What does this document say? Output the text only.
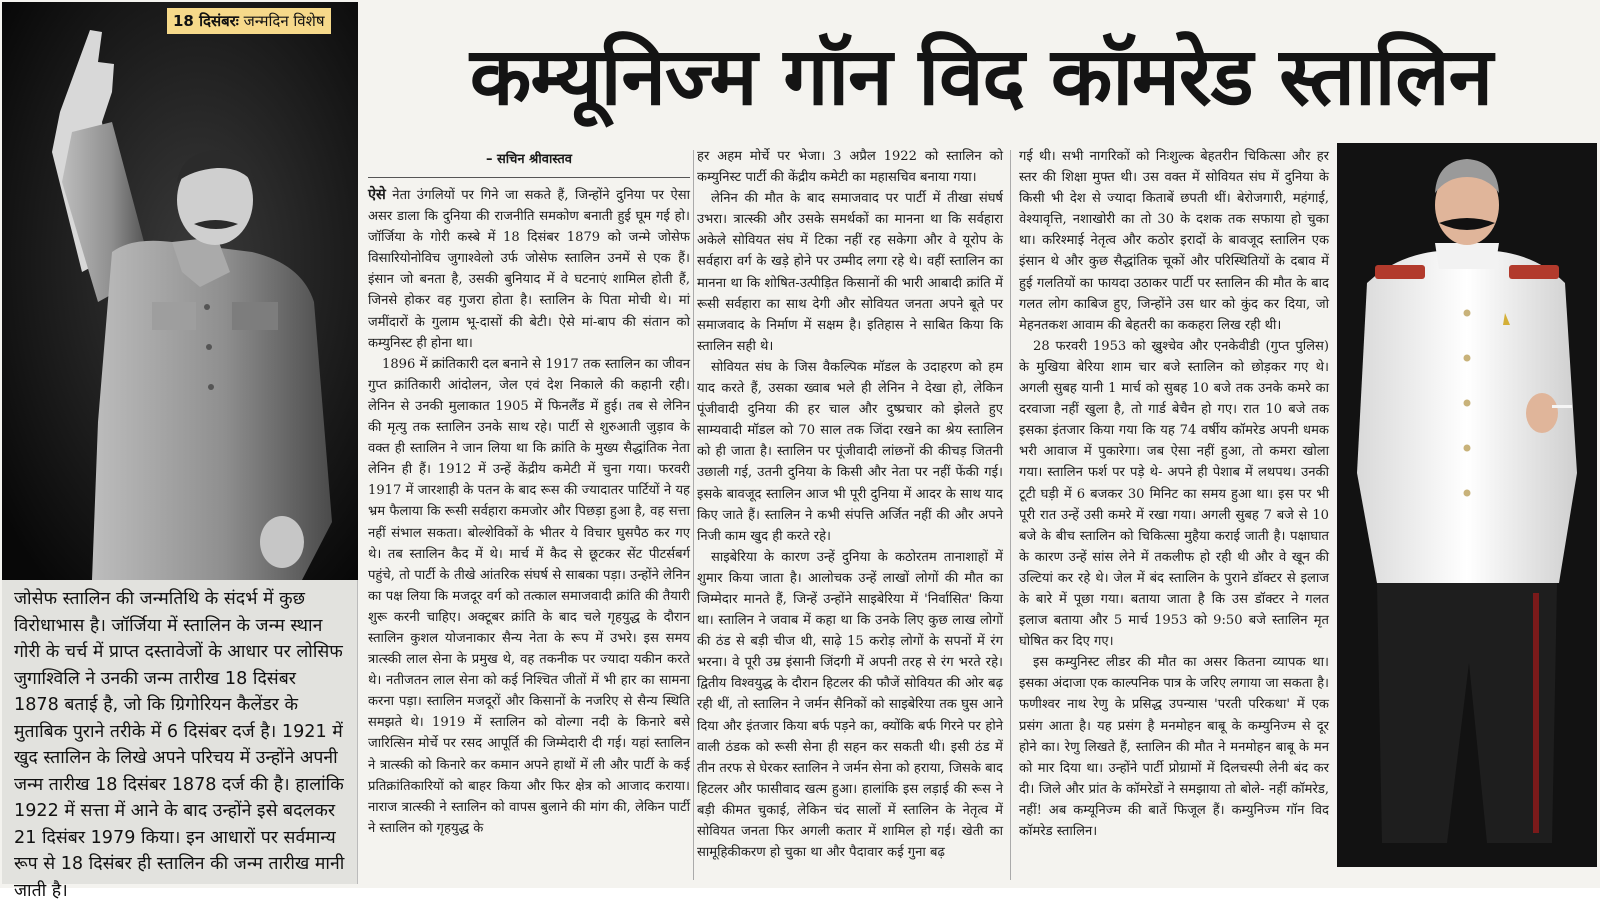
18 दिसंबरः जन्मदिन विशेष
जोसेफ स्तालिन की जन्मतिथि के संदर्भ में कुछ विरोधाभास है। जॉर्जिया में स्तालिन के जन्म स्थान गोरी के चर्च में प्राप्त दस्तावेजों के आधार पर लोसिफ जुगाश्विलि ने उनकी जन्म तारीख 18 दिसंबर 1878 बताई है, जो कि ग्रिगोरियन कैलेंडर के मुताबिक पुराने तरीके में 6 दिसंबर दर्ज है। 1921 में खुद स्तालिन के लिखे अपने परिचय में उन्होंने अपनी जन्म तारीख 18 दिसंबर 1878 दर्ज की है। हालांकि 1922 में सत्ता में आने के बाद उन्होंने इसे बदलकर 21 दिसंबर 1979 किया। इन आधारों पर सर्वमान्य रूप से 18 दिसंबर ही स्तालिन की जन्म तारीख मानी जाती है।
कम्यूनिज्म गॉन विद कॉमरेड स्तालिन
– सचिन श्रीवास्तव

ऐसे नेता उंगलियों पर गिने जा सकते हैं, जिन्होंने दुनिया पर ऐसा असर डाला कि दुनिया की राजनीति समकोण बनाती हुई घूम गई हो। जॉर्जिया के गोरी कस्बे में 18 दिसंबर 1879 को जन्मे जोसेफ विसारियोनोविच जुगाश्वेलो उर्फ जोसेफ स्तालिन उनमें से एक हैं। इंसान जो बनता है, उसकी बुनियाद में वे घटनाएं शामिल होती हैं, जिनसे होकर वह गुजरा होता है। स्तालिन के पिता मोची थे। मां जमींदारों के गुलाम भू-दासों की बेटी। ऐसे मां-बाप की संतान को कम्युनिस्ट ही होना था।

1896 में क्रांतिकारी दल बनाने से 1917 तक स्तालिन का जीवन गुप्त क्रांतिकारी आंदोलन, जेल एवं देश निकाले की कहानी रही। लेनिन से उनकी मुलाकात 1905 में फिनलैंड में हुई। तब से लेनिन की मृत्यु तक स्तालिन उनके साथ रहे। पार्टी से शुरुआती जुड़ाव के वक्त ही स्तालिन ने जान लिया था कि क्रांति के मुख्य सैद्धांतिक नेता लेनिन ही हैं। 1912 में उन्हें केंद्रीय कमेटी में चुना गया। फरवरी 1917 में जारशाही के पतन के बाद रूस की ज्यादातर पार्टियों ने यह भ्रम फैलाया कि रूसी सर्वहारा कमजोर और पिछड़ा हुआ है, वह सत्ता नहीं संभाल सकता। बोल्शेविकों के भीतर ये विचार घुसपैठ कर गए थे। तब स्तालिन कैद में थे। मार्च में कैद से छूटकर सेंट पीटर्सबर्ग पहुंचे, तो पार्टी के तीखे आंतरिक संघर्ष से साबका पड़ा। उन्होंने लेनिन का पक्ष लिया कि मजदूर वर्ग को तत्काल समाजवादी क्रांति की तैयारी शुरू करनी चाहिए। अक्टूबर क्रांति के बाद चले गृहयुद्ध के दौरान स्तालिन कुशल योजनाकार सैन्य नेता के रूप में उभरे। इस समय त्रात्स्की लाल सेना के प्रमुख थे, वह तकनीक पर ज्यादा यकीन करते थे। नतीजतन लाल सेना को कई निश्चित जीतों में भी हार का सामना करना पड़ा। स्तालिन मजदूरों और किसानों के नजरिए से सैन्य स्थिति समझते थे। 1919 में स्तालिन को वोल्गा नदी के किनारे बसे जारित्सिन मोर्चे पर रसद आपूर्ति की जिम्मेदारी दी गई। यहां स्तालिन ने त्रात्स्की को किनारे कर कमान अपने हाथों में ली और पार्टी के कई प्रतिक्रांतिकारियों को बाहर किया और फिर क्षेत्र को आजाद कराया। नाराज त्रात्स्की ने स्तालिन को वापस बुलाने की मांग की, लेकिन पार्टी ने स्तालिन को गृहयुद्ध के

हर अहम मोर्चे पर भेजा। 3 अप्रैल 1922 को स्तालिन को कम्युनिस्ट पार्टी की केंद्रीय कमेटी का महासचिव बनाया गया।

लेनिन की मौत के बाद समाजवाद पर पार्टी में तीखा संघर्ष उभरा। त्रात्स्की और उसके समर्थकों का मानना था कि सर्वहारा अकेले सोवियत संघ में टिका नहीं रह सकेगा और वे यूरोप के सर्वहारा वर्ग के खड़े होने पर उम्मीद लगा रहे थे। वहीं स्तालिन का मानना था कि शोषित-उत्पीड़ित किसानों की भारी आबादी क्रांति में रूसी सर्वहारा का साथ देगी और सोवियत जनता अपने बूते पर समाजवाद के निर्माण में सक्षम है। इतिहास ने साबित किया कि स्तालिन सही थे।

सोवियत संघ के जिस वैकल्पिक मॉडल के उदाहरण को हम याद करते हैं, उसका ख्वाब भले ही लेनिन ने देखा हो, लेकिन पूंजीवादी दुनिया की हर चाल और दुष्प्रचार को झेलते हुए साम्यवादी मॉडल को 70 साल तक जिंदा रखने का श्रेय स्तालिन को ही जाता है। स्तालिन पर पूंजीवादी लांछनों की कीचड़ जितनी उछाली गई, उतनी दुनिया के किसी और नेता पर नहीं फेंकी गई। इसके बावजूद स्तालिन आज भी पूरी दुनिया में आदर के साथ याद किए जाते हैं। स्तालिन ने कभी संपत्ति अर्जित नहीं की और अपने निजी काम खुद ही करते रहे।

साइबेरिया के कारण उन्हें दुनिया के कठोरतम तानाशाहों में शुमार किया जाता है। आलोचक उन्हें लाखों लोगों की मौत का जिम्मेदार मानते हैं, जिन्हें उन्होंने साइबेरिया में 'निर्वासित' किया था। स्तालिन ने जवाब में कहा था कि उनके लिए कुछ लाख लोगों की ठंड से बड़ी चीज थी, साढ़े 15 करोड़ लोगों के सपनों में रंग भरना। वे पूरी उम्र इंसानी जिंदगी में अपनी तरह से रंग भरते रहे। द्वितीय विश्वयुद्ध के दौरान हिटलर की फौजें सोवियत की ओर बढ़ रही थीं, तो स्तालिन ने जर्मन सैनिकों को साइबेरिया तक घुस आने दिया और इंतजार किया बर्फ पड़ने का, क्योंकि बर्फ गिरने पर होने वाली ठंडक को रूसी सेना ही सहन कर सकती थी। इसी ठंड में तीन तरफ से घेरकर स्तालिन ने जर्मन सेना को हराया, जिसके बाद हिटलर और फासीवाद खत्म हुआ। हालांकि इस लड़ाई की रूस ने बड़ी कीमत चुकाई, लेकिन चंद सालों में स्तालिन के नेतृत्व में सोवियत जनता फिर अगली कतार में शामिल हो गई। खेती का सामूहिकीकरण हो चुका था और पैदावार कई गुना बढ़

गई थी। सभी नागरिकों को निःशुल्क बेहतरीन चिकित्सा और हर स्तर की शिक्षा मुफ्त थी। उस वक्त में सोवियत संघ में दुनिया के किसी भी देश से ज्यादा किताबें छपती थीं। बेरोजगारी, महंगाई, वेश्यावृत्ति, नशाखोरी का तो 30 के दशक तक सफाया हो चुका था। करिश्माई नेतृत्व और कठोर इरादों के बावजूद स्तालिन एक इंसान थे और कुछ सैद्धांतिक चूकों और परिस्थितियों के दबाव में हुई गलतियों का फायदा उठाकर पार्टी पर स्तालिन की मौत के बाद गलत लोग काबिज हुए, जिन्होंने उस धार को कुंद कर दिया, जो मेहनतकश आवाम की बेहतरी का ककहरा लिख रही थी।

28 फरवरी 1953 को ख्रुश्चेव और एनकेवीडी (गुप्त पुलिस) के मुखिया बेरिया शाम चार बजे स्तालिन को छोड़कर गए थे। अगली सुबह यानी 1 मार्च को सुबह 10 बजे तक उनके कमरे का दरवाजा नहीं खुला है, तो गार्ड बेचैन हो गए। रात 10 बजे तक इसका इंतजार किया गया कि यह 74 वर्षीय कॉमरेड अपनी धमक भरी आवाज में पुकारेगा। जब ऐसा नहीं हुआ, तो कमरा खोला गया। स्तालिन फर्श पर पड़े थे- अपने ही पेशाब में लथपथ। उनकी टूटी घड़ी में 6 बजकर 30 मिनिट का समय हुआ था। इस पर भी पूरी रात उन्हें उसी कमरे में रखा गया। अगली सुबह 7 बजे से 10 बजे के बीच स्तालिन को चिकित्सा मुहैया कराई जाती है। पक्षाघात के कारण उन्हें सांस लेने में तकलीफ हो रही थी और वे खून की उल्टियां कर रहे थे। जेल में बंद स्तालिन के पुराने डॉक्टर से इलाज के बारे में पूछा गया। बताया जाता है कि उस डॉक्टर ने गलत इलाज बताया और 5 मार्च 1953 को 9:50 बजे स्तालिन मृत घोषित कर दिए गए।

इस कम्युनिस्ट लीडर की मौत का असर कितना व्यापक था। इसका अंदाजा एक काल्पनिक पात्र के जरिए लगाया जा सकता है। फणीश्वर नाथ रेणु के प्रसिद्ध उपन्यास 'परती परिकथा' में एक प्रसंग आता है। यह प्रसंग है मनमोहन बाबू के कम्युनिज्म से दूर होने का। रेणु लिखते हैं, स्तालिन की मौत ने मनमोहन बाबू के मन को मार दिया था। उन्होंने पार्टी प्रोग्रामों में दिलचस्पी लेनी बंद कर दी। जिले और प्रांत के कॉमरेडों ने समझाया तो बोले- नहीं कॉमरेड, नहीं! अब कम्यूनिज्म की बातें फिजूल हैं। कम्युनिज्म गॉन विद कॉमरेड स्तालिन।
